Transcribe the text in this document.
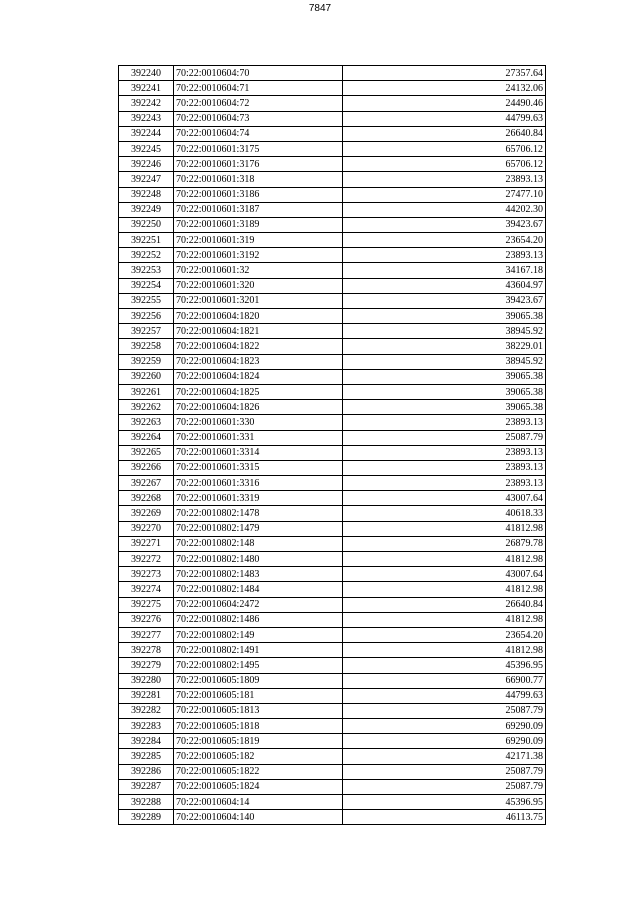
7847
392240	70:22:0010604:70	27357.64
392241	70:22:0010604:71	24132.06
392242	70:22:0010604:72	24490.46
392243	70:22:0010604:73	44799.63
392244	70:22:0010604:74	26640.84
392245	70:22:0010601:3175	65706.12
392246	70:22:0010601:3176	65706.12
392247	70:22:0010601:318	23893.13
392248	70:22:0010601:3186	27477.10
392249	70:22:0010601:3187	44202.30
392250	70:22:0010601:3189	39423.67
392251	70:22:0010601:319	23654.20
392252	70:22:0010601:3192	23893.13
392253	70:22:0010601:32	34167.18
392254	70:22:0010601:320	43604.97
392255	70:22:0010601:3201	39423.67
392256	70:22:0010604:1820	39065.38
392257	70:22:0010604:1821	38945.92
392258	70:22:0010604:1822	38229.01
392259	70:22:0010604:1823	38945.92
392260	70:22:0010604:1824	39065.38
392261	70:22:0010604:1825	39065.38
392262	70:22:0010604:1826	39065.38
392263	70:22:0010601:330	23893.13
392264	70:22:0010601:331	25087.79
392265	70:22:0010601:3314	23893.13
392266	70:22:0010601:3315	23893.13
392267	70:22:0010601:3316	23893.13
392268	70:22:0010601:3319	43007.64
392269	70:22:0010802:1478	40618.33
392270	70:22:0010802:1479	41812.98
392271	70:22:0010802:148	26879.78
392272	70:22:0010802:1480	41812.98
392273	70:22:0010802:1483	43007.64
392274	70:22:0010802:1484	41812.98
392275	70:22:0010604:2472	26640.84
392276	70:22:0010802:1486	41812.98
392277	70:22:0010802:149	23654.20
392278	70:22:0010802:1491	41812.98
392279	70:22:0010802:1495	45396.95
392280	70:22:0010605:1809	66900.77
392281	70:22:0010605:181	44799.63
392282	70:22:0010605:1813	25087.79
392283	70:22:0010605:1818	69290.09
392284	70:22:0010605:1819	69290.09
392285	70:22:0010605:182	42171.38
392286	70:22:0010605:1822	25087.79
392287	70:22:0010605:1824	25087.79
392288	70:22:0010604:14	45396.95
392289	70:22:0010604:140	46113.75
